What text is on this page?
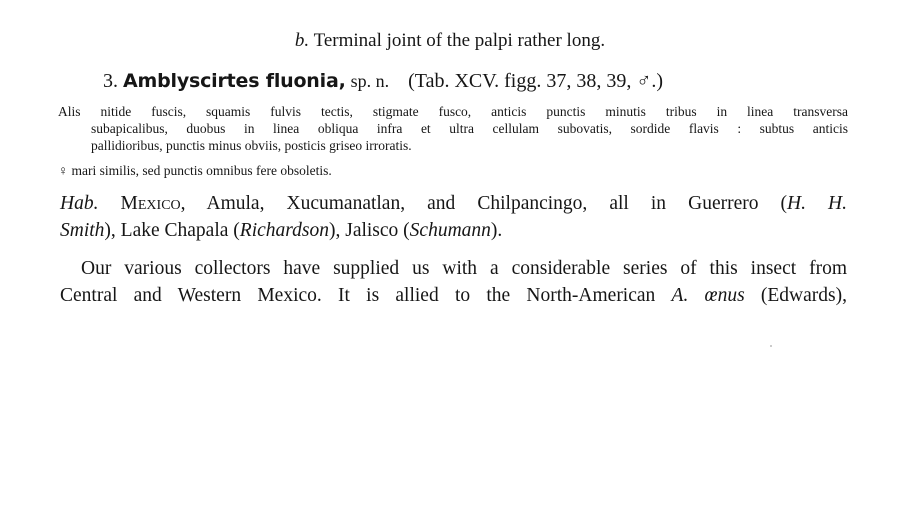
b. Terminal joint of the palpi rather long.
3. Amblyscirtes fluonia, sp. n. (Tab. XCV. figg. 37, 38, 39, ♂.)
Alis nitide fuscis, squamis fulvis tectis, stigmate fusco, anticis punctis minutis tribus in linea transversa
subapicalibus, duobus in linea obliqua infra et ultra cellulam subovatis, sordide flavis : subtus anticis
pallidioribus, punctis minus obviis, posticis griseo irroratis.
♀ mari similis, sed punctis omnibus fere obsoletis.
Hab. Mexico, Amula, Xucumanatlan, and Chilpancingo, all in Guerrero (H. H.
Smith), Lake Chapala (Richardson), Jalisco (Schumann).
Our various collectors have supplied us with a considerable series of this insect from
Central and Western Mexico. It is allied to the North-American A. œnus (Edwards),
